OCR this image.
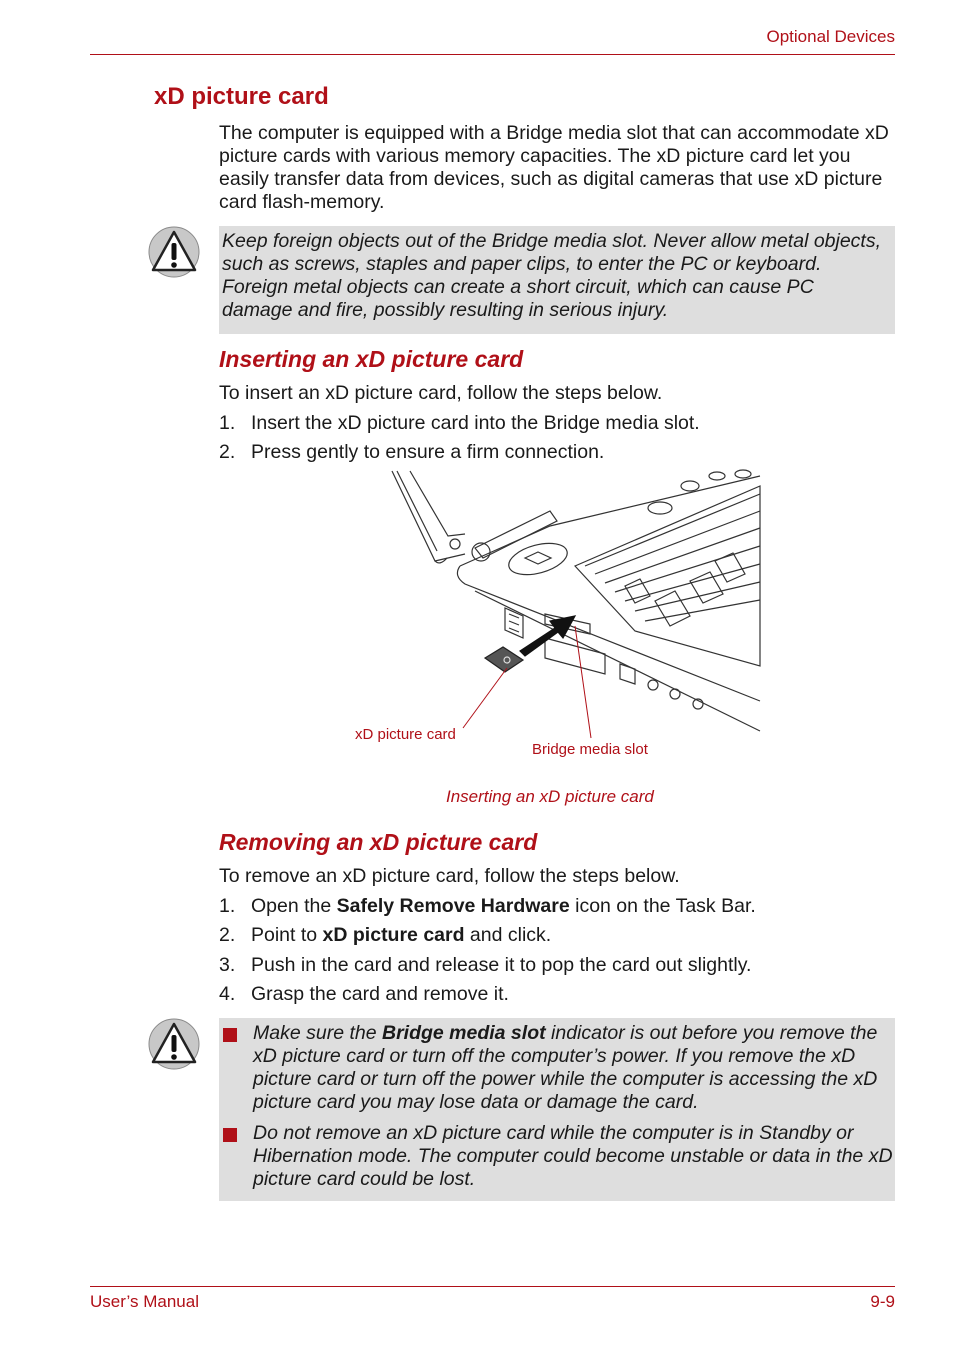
Optional Devices
xD picture card
The computer is equipped with a Bridge media slot that can accommodate xD picture cards with various memory capacities. The xD picture card let you easily transfer data from devices, such as digital cameras that use xD picture card flash-memory.
Keep foreign objects out of the Bridge media slot. Never allow metal objects, such as screws, staples and paper clips, to enter the PC or keyboard. Foreign metal objects can create a short circuit, which can cause PC damage and fire, possibly resulting in serious injury.
Inserting an xD picture card
To insert an xD picture card, follow the steps below.
1. Insert the xD picture card into the Bridge media slot.
2. Press gently to ensure a firm connection.
xD picture card
Bridge media slot
Inserting an xD picture card
Removing an xD picture card
To remove an xD picture card, follow the steps below.
1. Open the Safely Remove Hardware icon on the Task Bar.
2. Point to xD picture card and click.
3. Push in the card and release it to pop the card out slightly.
4. Grasp the card and remove it.
Make sure the Bridge media slot indicator is out before you remove the xD picture card or turn off the computer’s power. If you remove the xD picture card or turn off the power while the computer is accessing the xD picture card you may lose data or damage the card.
Do not remove an xD picture card while the computer is in Standby or Hibernation mode. The computer could become unstable or data in the xD picture card could be lost.
User’s Manual	9-9
